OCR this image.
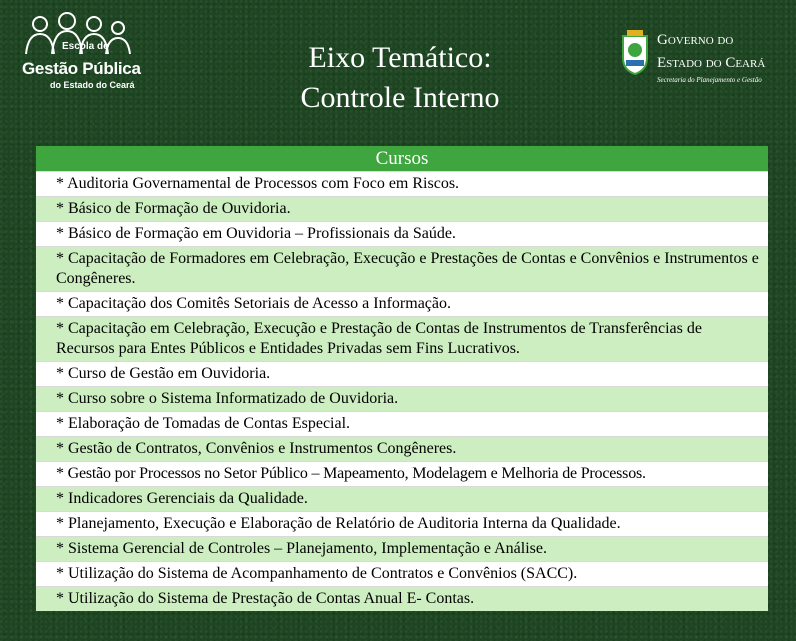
Escola de
Gestão Pública
do Estado do Ceará
Eixo Temático:
Controle Interno
Governo do
Estado do Ceará
Secretaria do Planejamento e Gestão
Cursos
* Auditoria Governamental de Processos com Foco em Riscos.
* Básico de Formação de Ouvidoria.
* Básico de Formação em Ouvidoria – Profissionais da Saúde.
* Capacitação de Formadores em Celebração, Execução e Prestações de Contas e Convênios e Instrumentos e Congêneres.
* Capacitação dos Comitês Setoriais de Acesso a Informação.
* Capacitação em Celebração, Execução e Prestação de Contas de Instrumentos de Transferências de Recursos para Entes Públicos e Entidades Privadas sem Fins Lucrativos.
* Curso de Gestão em Ouvidoria.
* Curso sobre o Sistema Informatizado de Ouvidoria.
* Elaboração de Tomadas de Contas Especial.
* Gestão de Contratos, Convênios e Instrumentos Congêneres.
* Gestão por Processos no Setor Público – Mapeamento, Modelagem e Melhoria de Processos.
* Indicadores Gerenciais da Qualidade.
* Planejamento, Execução e Elaboração de Relatório de Auditoria Interna da Qualidade.
* Sistema Gerencial de Controles – Planejamento, Implementação e Análise.
* Utilização do Sistema de Acompanhamento de Contratos e Convênios (SACC).
* Utilização do Sistema de Prestação de Contas Anual E- Contas.
